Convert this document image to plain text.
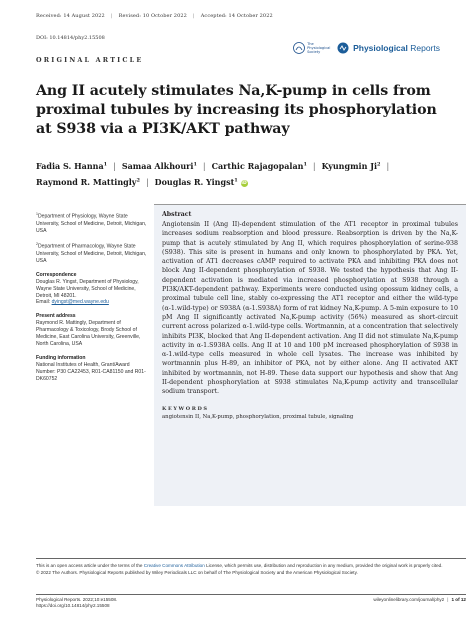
Received: 14 August 2022 | Revised: 10 October 2022 | Accepted: 14 October 2022
DOI: 10.14814/phy2.15508
The
Physiological
Society	Physiological Reports
ORIGINAL ARTICLE
Ang II acutely stimulates Na,K-pump in cells from proximal tubules by increasing its phosphorylation at S938 via a PI3K/AKT pathway
Fadia S. Hanna$^1$ | Samaa Alkhouri$^1$ | Carthic Rajagopalan$^1$ | Kyungmin Ji$^2$ |
Raymond R. Mattingly$^2$ | Douglas R. Yingst$^1$ iD
$^1$Department of Physiology, Wayne State University, School of Medicine, Detroit, Michigan, USA
$^2$Department of Pharmacology, Wayne State University, School of Medicine, Detroit, Michigan, USA
Correspondence
Douglas R. Yingst, Department of Physiology, Wayne State University, School of Medicine, Detroit, MI 48201.
Email: dyingst@med.wayne.edu
Present address
Raymond R. Mattingly, Department of Pharmacology & Toxicology, Brody School of Medicine, East Carolina University, Greenville, North Carolina, USA
Funding information
National Institutes of Health, Grant/Award Number: P30 CA22453, R01-CA81150 and R01-DK60752
Abstract

Angiotensin II (Ang II)-dependent stimulation of the AT1 receptor in proximal tubules increases sodium reabsorption and blood pressure. Reabsorption is driven by the Na,K-pump that is acutely stimulated by Ang II, which requires phosphorylation of serine-938 (S938). This site is present in humans and only known to phosphorylated by PKA. Yet, activation of AT1 decreases cAMP required to activate PKA and inhibiting PKA does not block Ang II-dependent phosphorylation of S938. We tested the hypothesis that Ang II-dependent activation is mediated via increased phosphorylation at S938 through a PI3K/AKT-dependent pathway. Experiments were conducted using opossum kidney cells, a proximal tubule cell line, stably co-expressing the AT1 receptor and either the wild-type (α-1.wild-type) or S938A (α-1.S938A) form of rat kidney Na,K-pump. A 5-min exposure to 10 pM Ang II significantly activated Na,K-pump activity (56%) measured as short-circuit current across polarized α-1.wild-type cells. Wortmannin, at a concentration that selectively inhibits PI3K, blocked that Ang II-dependent activation. Ang II did not stimulate Na,K-pump activity in α-1.S938A cells. Ang II at 10 and 100 pM increased phosphorylation of S938 in α-1.wild-type cells measured in whole cell lysates. The increase was inhibited by wortmannin plus H-89, an inhibitor of PKA, not by either alone. Ang II activated AKT inhibited by wortmannin, not H-89. These data support our hypothesis and show that Ang II-dependent phosphorylation at S938 stimulates Na,K-pump activity and transcellular sodium transport.

KEYWORDS
angiotensin II, Na,K-pump, phosphorylation, proximal tubule, signaling
This is an open access article under the terms of the Creative Commons Attribution License, which permits use, distribution and reproduction in any medium, provided the original work is properly cited.
© 2022 The Authors. Physiological Reports published by Wiley Periodicals LLC on behalf of The Physiological Society and the American Physiological Society.
Physiological Reports. 2022;10:e15508.
https://doi.org/10.14814/phy2.15508
wileyonlinelibrary.com/journal/phy2 | 1 of 12
